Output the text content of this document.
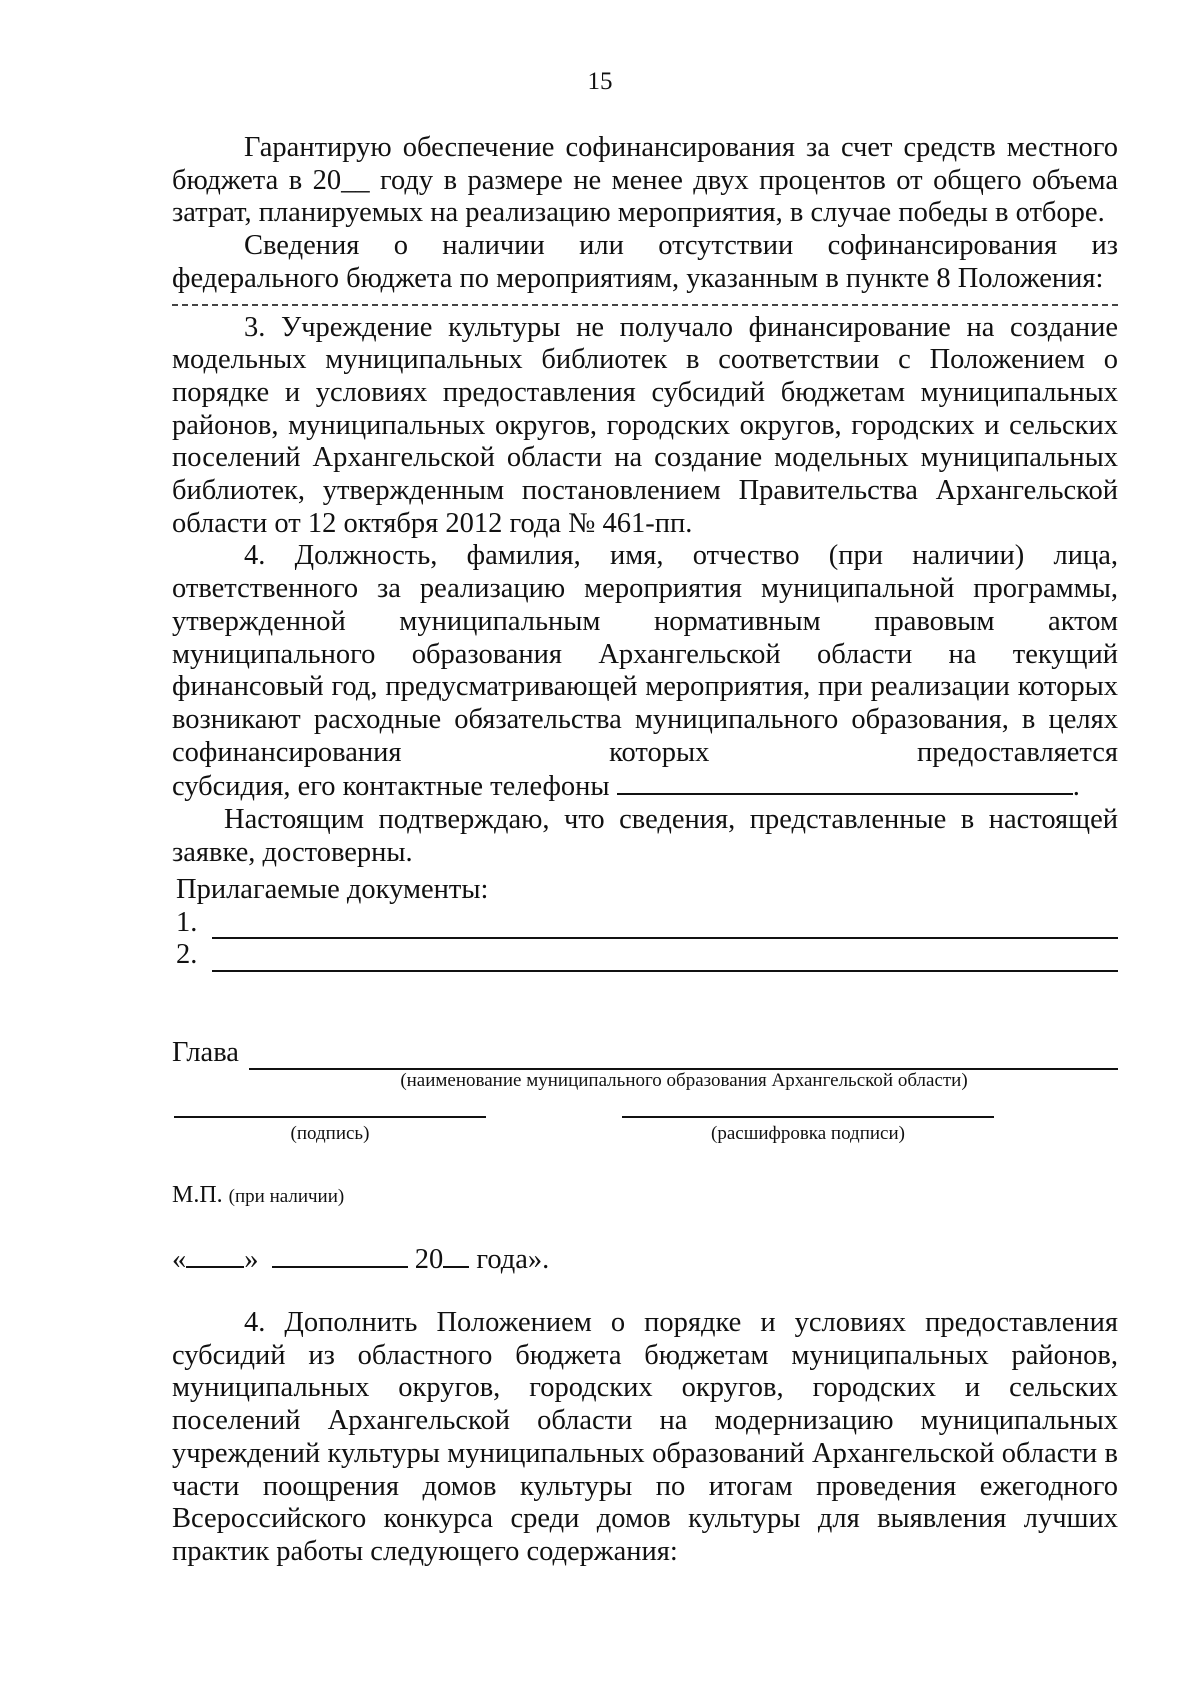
15

Гарантирую обеспечение софинансирования за счет средств местного бюджета в 20__ году в размере не менее двух процентов от общего объема затрат, планируемых на реализацию мероприятия, в случае победы в отборе.

Сведения о наличии или отсутствии софинансирования из федерального бюджета по мероприятиям, указанным в пункте 8 Положения:

3. Учреждение культуры не получало финансирование на создание модельных муниципальных библиотек в соответствии с Положением о порядке и условиях предоставления субсидий бюджетам муниципальных районов, муниципальных округов, городских округов, городских и сельских поселений Архангельской области на создание модельных муниципальных библиотек, утвержденным постановлением Правительства Архангельской области от 12 октября 2012 года № 461-пп.

4. Должность, фамилия, имя, отчество (при наличии) лица, ответственного за реализацию мероприятия муниципальной программы, утвержденной муниципальным нормативным правовым актом муниципального образования Архангельской области на текущий финансовый год, предусматривающей мероприятия, при реализации которых возникают расходные обязательства муниципального образования, в целях софинансирования которых предоставляется

субсидия, его контактные телефоны	.

Настоящим подтверждаю, что сведения, представленные в настоящей заявке, достоверны.

Прилагаемые документы:
1.
2.
Глава
(наименование муниципального образования Архангельской области)
(подпись)	(расшифровка подписи)
М.П. (при наличии)
« »	20 года».

4. Дополнить Положением о порядке и условиях предоставления субсидий из областного бюджета бюджетам муниципальных районов, муниципальных округов, городских округов, городских и сельских поселений Архангельской области на модернизацию муниципальных учреждений культуры муниципальных образований Архангельской области в части поощрения домов культуры по итогам проведения ежегодного Всероссийского конкурса среди домов культуры для выявления лучших практик работы следующего содержания:
